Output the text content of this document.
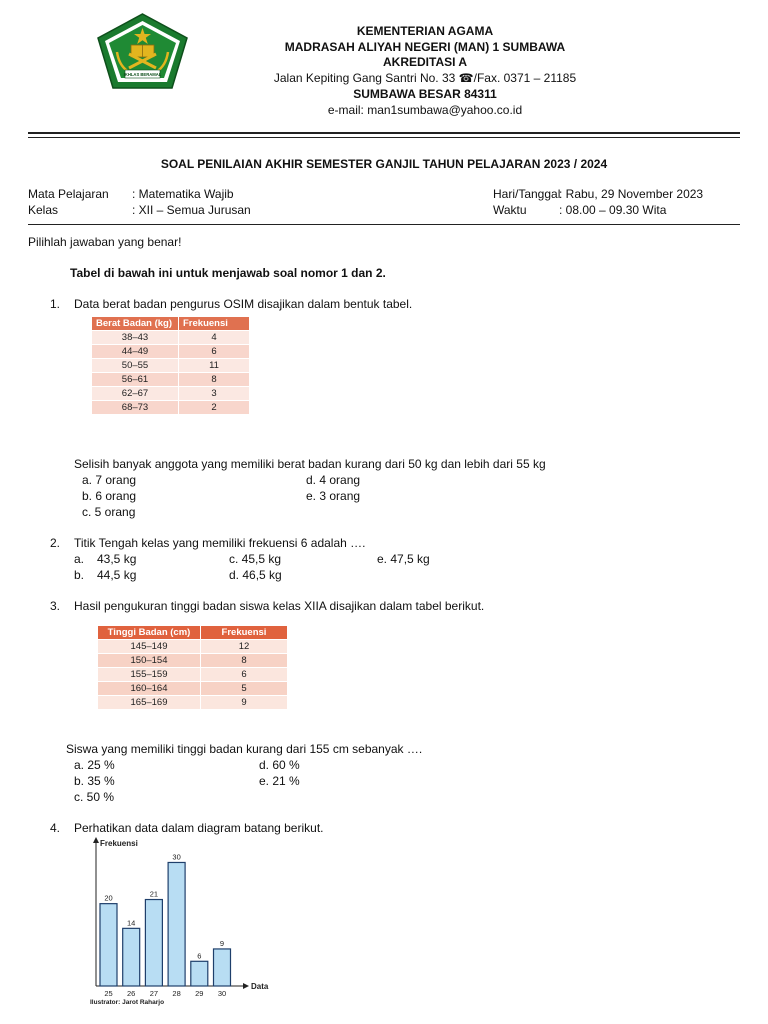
IKHLAS BERAMAL
KEMENTERIAN AGAMA
MADRASAH ALIYAH NEGERI (MAN) 1 SUMBAWA
AKREDITASI A
Jalan Kepiting Gang Santri No. 33 ☎/Fax. 0371 – 21185
SUMBAWA BESAR 84311
e-mail: man1sumbawa@yahoo.co.id
SOAL PENILAIAN AKHIR SEMESTER GANJIL TAHUN PELAJARAN 2023 / 2024
Mata Pelajaran : Matematika Wajib
Kelas	: XII – Semua Jurusan
Hari/Tanggal
: Rabu, 29 November 2023
Waktu	: 08.00 – 09.30 Wita
Pilihlah jawaban yang benar!
Tabel di bawah ini untuk menjawab soal nomor 1 dan 2.
1. Data berat badan pengurus OSIM disajikan dalam bentuk tabel.
Berat Badan (kg)	Frekuensi
38–43	4
44–49	6
50–55	11
56–61	8
62–67	3
68–73	2
Selisih banyak anggota yang memiliki berat badan kurang dari 50 kg dan lebih dari 55 kg
a. 7 orang
b. 6 orang
c. 5 orang
d. 4 orang
e. 3 orang
2. Titik Tengah kelas yang memiliki frekuensi 6 adalah ….
a. 43,5 kg
b. 44,5 kg
c. 45,5 kg
d. 46,5 kg
e. 47,5 kg
3. Hasil pengukuran tinggi badan siswa kelas XIIA disajikan dalam tabel berikut.
Tinggi Badan (cm)	Frekuensi
145–149	12
150–154	8
155–159	6
160–164	5
165–169	9
Siswa yang memiliki tinggi badan kurang dari 155 cm sebanyak ….
a. 25 %
b. 35 %
c. 50 %
d. 60 %
e. 21 %
4. Perhatikan data dalam diagram batang berikut.
Frekuensi
Data
20
25
14
26
21
27
30
28
6
29
9
30
Ilustrator: Jarot Raharjo
